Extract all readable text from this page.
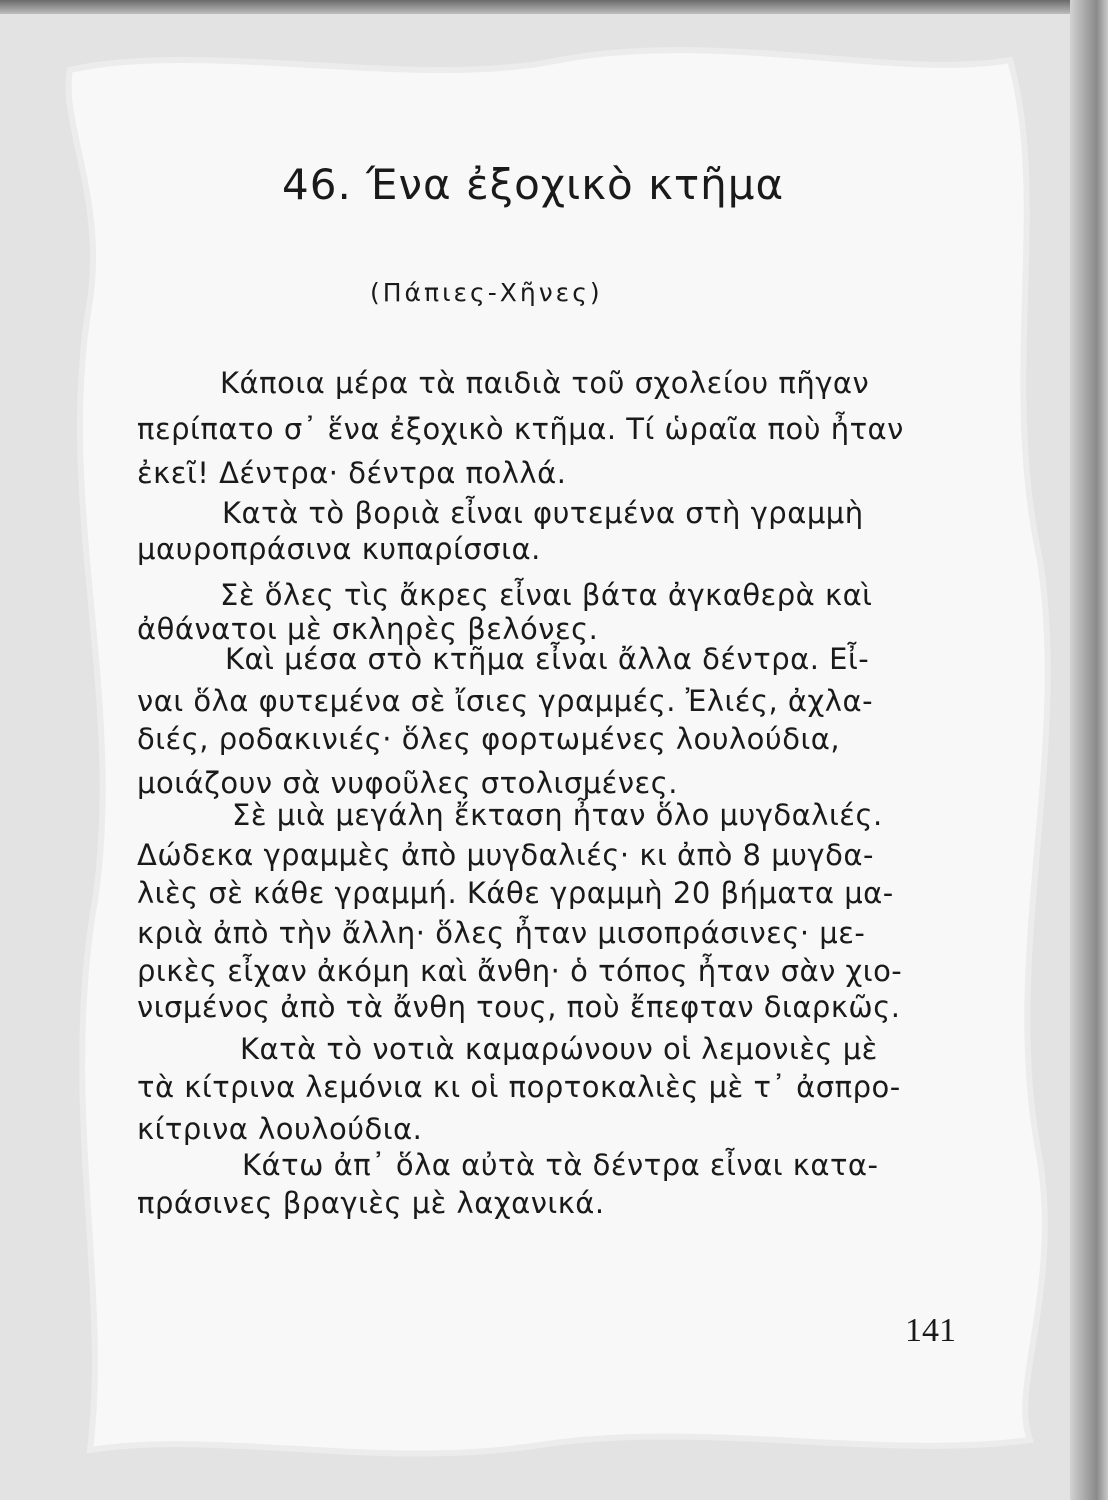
46. Ένα ἐξοχικὸ κτῆμα
(Πάπιες-Χῆνες)
Κάποια μέρα τὰ παιδιὰ τοῦ σχολείου πῆγαν
περίπατο σ᾽ ἕνα ἐξοχικὸ κτῆμα. Τί ὡραῖα ποὺ ἦταν
ἐκεῖ! Δέντρα· δέντρα πολλά.
Κατὰ τὸ βοριὰ εἶναι φυτεμένα στὴ γραμμὴ
μαυροπράσινα κυπαρίσσια.
Σὲ ὅλες τὶς ἄκρες εἶναι βάτα ἀγκαθερὰ καὶ
ἀθάνατοι μὲ σκληρὲς βελόνες.
Καὶ μέσα στὸ κτῆμα εἶναι ἄλλα δέντρα. Εἶ-
ναι ὅλα φυτεμένα σὲ ἴσιες γραμμές. Ἐλιές, ἀχλα-
διές, ροδακινιές· ὅλες φορτωμένες λουλούδια,
μοιάζουν σὰ νυφοῦλες στολισμένες.
Σὲ μιὰ μεγάλη ἔκταση ἦταν ὅλο μυγδαλιές.
Δώδεκα γραμμὲς ἀπὸ μυγδαλιές· κι ἀπὸ 8 μυγδα-
λιὲς σὲ κάθε γραμμή. Κάθε γραμμὴ 20 βήματα μα-
κριὰ ἀπὸ τὴν ἄλλη· ὅλες ἦταν μισοπράσινες· με-
ρικὲς εἶχαν ἀκόμη καὶ ἄνθη· ὁ τόπος ἦταν σὰν χιο-
νισμένος ἀπὸ τὰ ἄνθη τους, ποὺ ἔπεφταν διαρκῶς.
Κατὰ τὸ νοτιὰ καμαρώνουν οἱ λεμονιὲς μὲ
τὰ κίτρινα λεμόνια κι οἱ πορτοκαλιὲς μὲ τ᾽ ἀσπρο-
κίτρινα λουλούδια.
Κάτω ἀπ᾽ ὅλα αὐτὰ τὰ δέντρα εἶναι κατα-
πράσινες βραγιὲς μὲ λαχανικά.
141
